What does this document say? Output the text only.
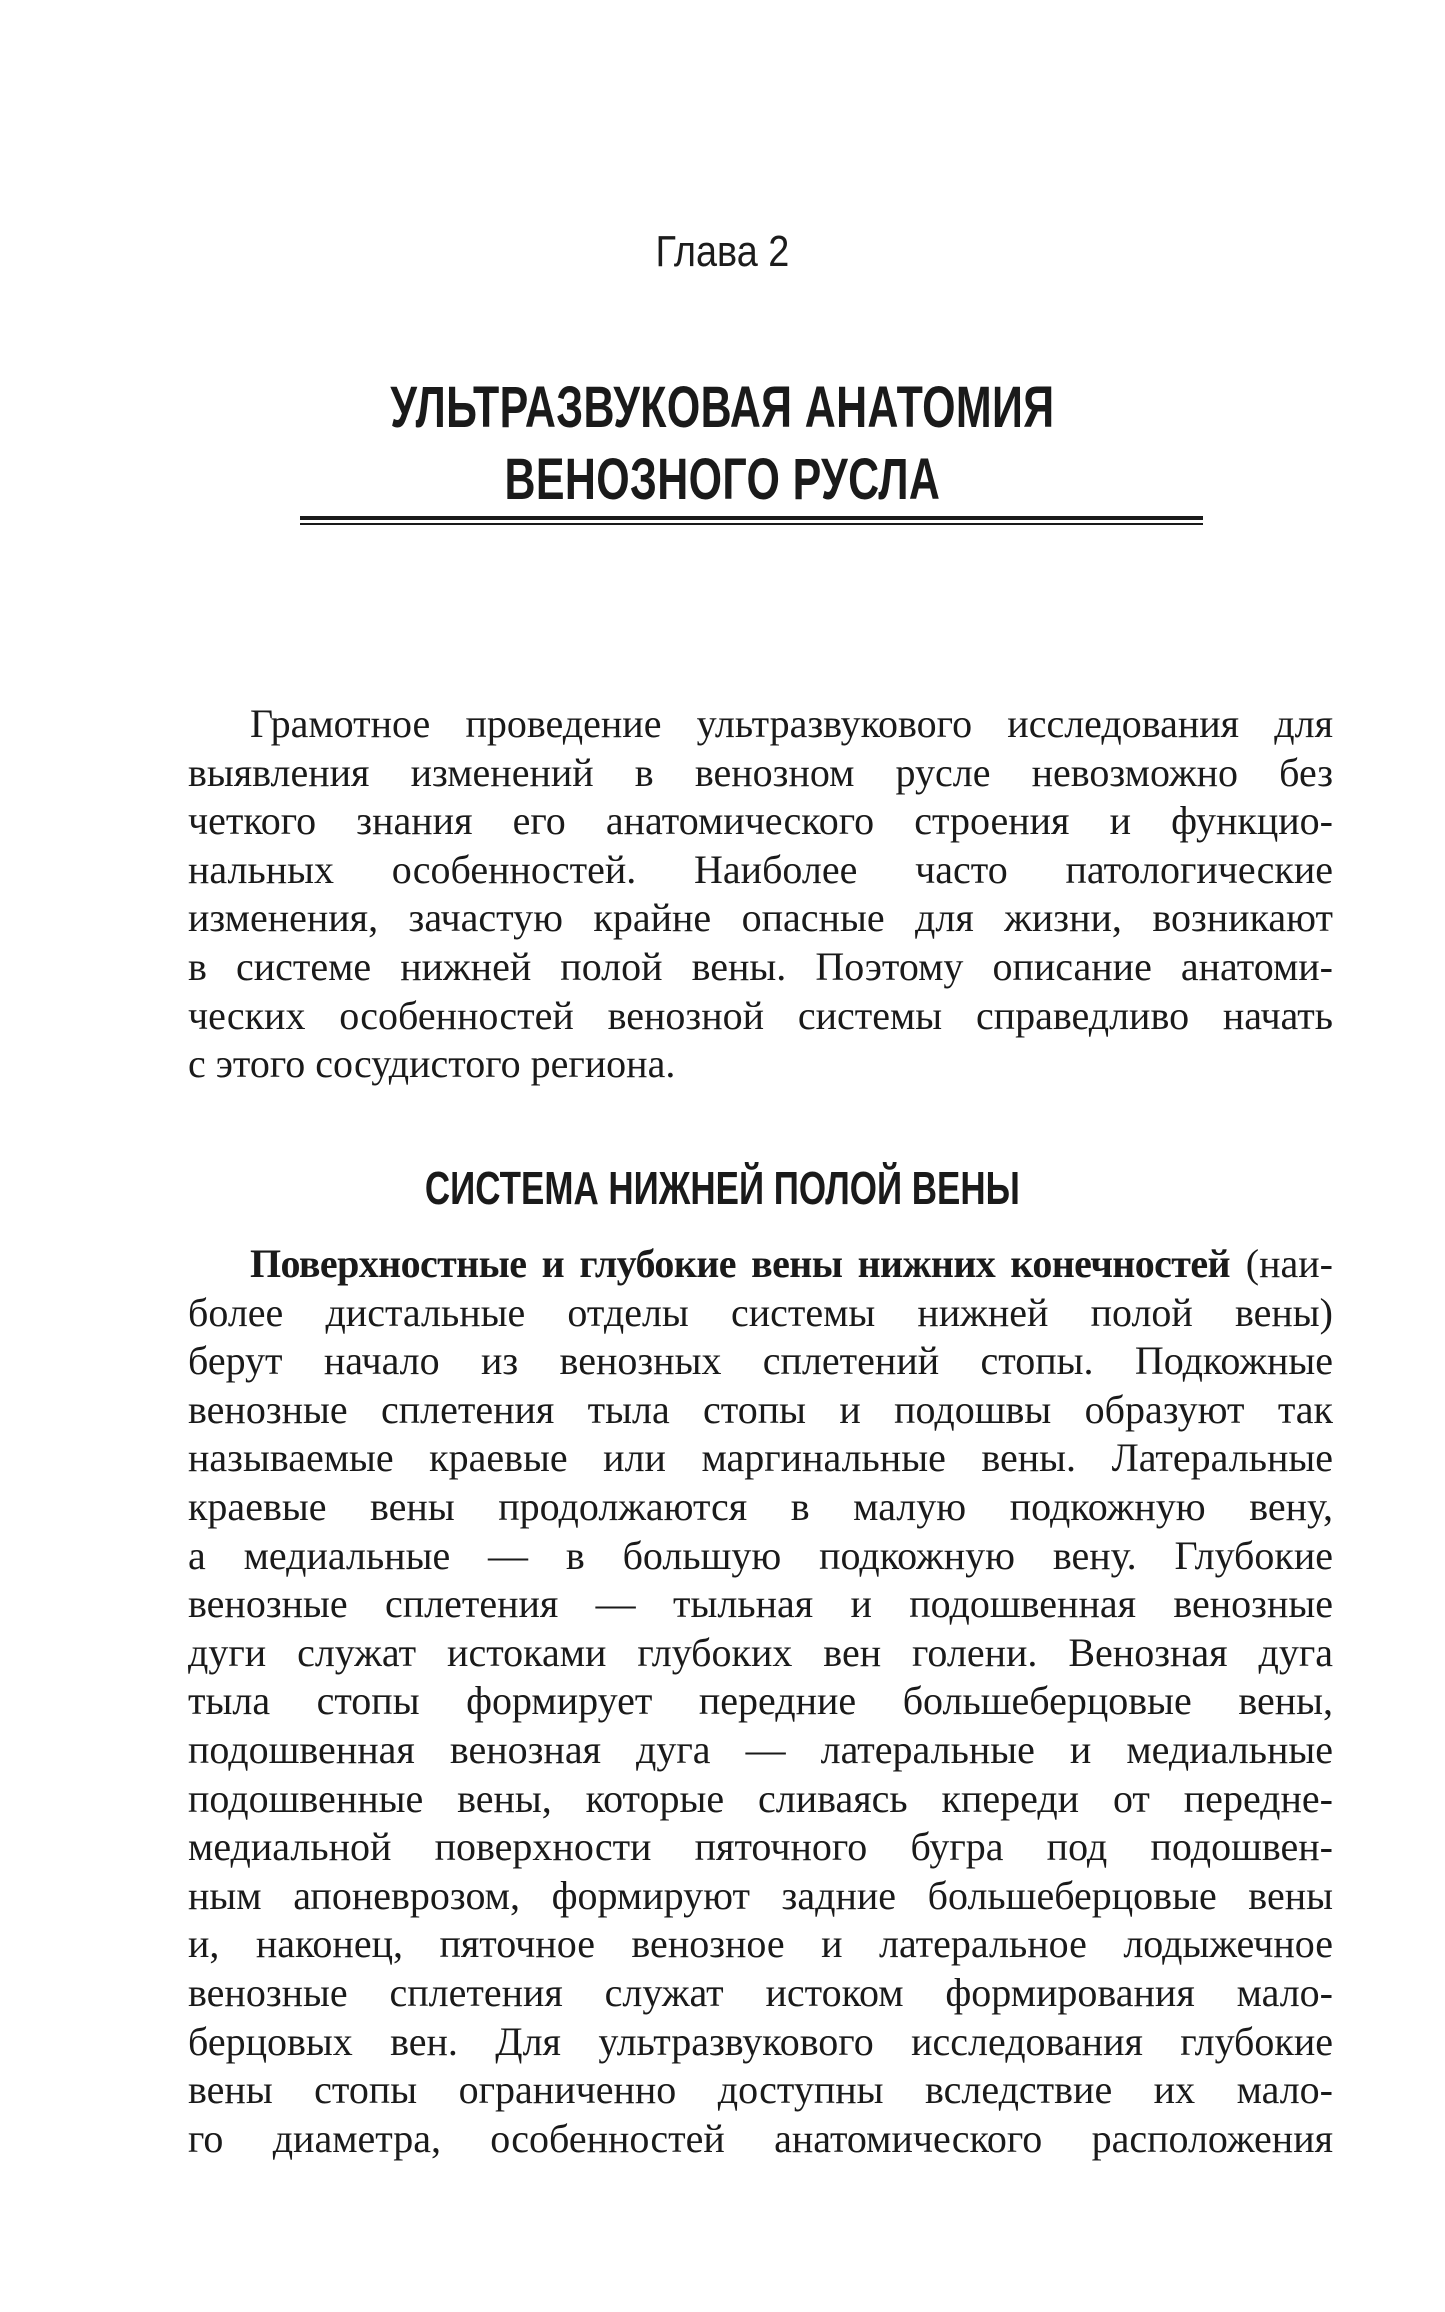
Глава 2
УЛЬТРАЗВУКОВАЯ АНАТОМИЯ
ВЕНОЗНОГО РУСЛА
Грамотное проведение ультразвукового исследования для
выявления изменений в венозном русле невозможно без
четкого знания его анатомического строения и функцио-
нальных особенностей. Наиболее часто патологические
изменения, зачастую крайне опасные для жизни, возникают
в системе нижней полой вены. Поэтому описание анатоми-
ческих особенностей венозной системы справедливо начать
с этого сосудистого региона.
СИСТЕМА НИЖНЕЙ ПОЛОЙ ВЕНЫ
Поверхностные и глубокие вены нижних конечностей (наи-
более дистальные отделы системы нижней полой вены)
берут начало из венозных сплетений стопы. Подкожные
венозные сплетения тыла стопы и подошвы образуют так
называемые краевые или маргинальные вены. Латеральные
краевые вены продолжаются в малую подкожную вену,
а медиальные — в большую подкожную вену. Глубокие
венозные сплетения — тыльная и подошвенная венозные
дуги служат истоками глубоких вен голени. Венозная дуга
тыла стопы формирует передние большеберцовые вены,
подошвенная венозная дуга — латеральные и медиальные
подошвенные вены, которые сливаясь кпереди от передне-
медиальной поверхности пяточного бугра под подошвен-
ным апоневрозом, формируют задние большеберцовые вены
и, наконец, пяточное венозное и латеральное лодыжечное
венозные сплетения служат истоком формирования мало-
берцовых вен. Для ультразвукового исследования глубокие
вены стопы ограниченно доступны вследствие их мало-
го диаметра, особенностей анатомического расположения
